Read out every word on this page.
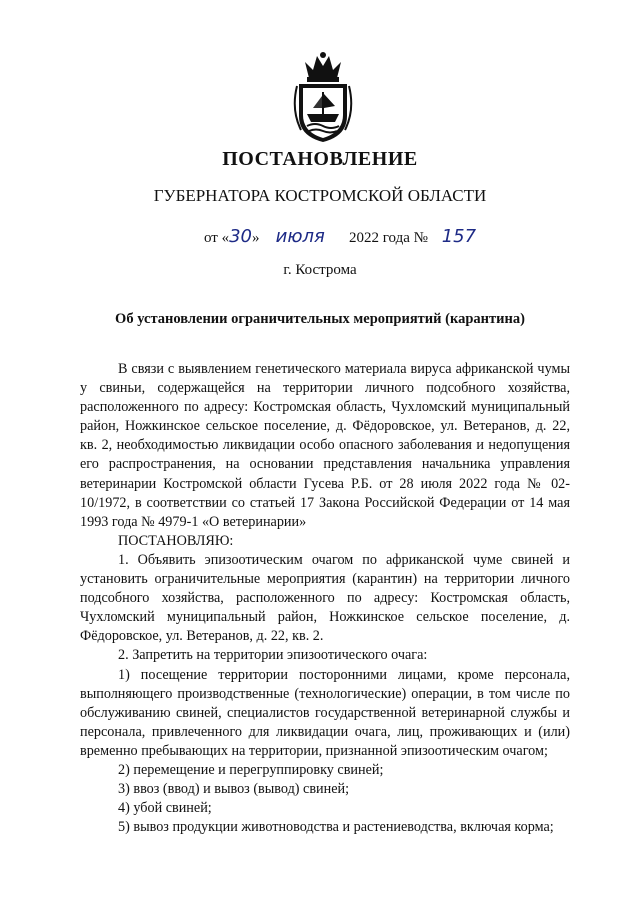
ПОСТАНОВЛЕНИЕ
ГУБЕРНАТОРА КОСТРОМСКОЙ ОБЛАСТИ
от «30» июля 2022 года № 157
г. Кострома
Об установлении ограничительных мероприятий (карантина)

В связи с выявлением генетического материала вируса африканской чумы у свиньи, содержащейся на территории личного подсобного хозяйства, расположенного по адресу: Костромская область, Чухломский муниципальный район, Ножкинское сельское поселение, д. Фёдоровское, ул. Ветеранов, д. 22, кв. 2, необходимостью ликвидации особо опасного заболевания и недопущения его распространения, на основании представления начальника управления ветеринарии Костромской области Гусева Р.Б. от 28 июля 2022 года № 02-10/1972, в соответствии со статьей 17 Закона Российской Федерации от 14 мая 1993 года № 4979-1 «О ветеринарии»

ПОСТАНОВЛЯЮ:

1. Объявить эпизоотическим очагом по африканской чуме свиней и установить ограничительные мероприятия (карантин) на территории личного подсобного хозяйства, расположенного по адресу: Костромская область, Чухломский муниципальный район, Ножкинское сельское поселение, д. Фёдоровское, ул. Ветеранов, д. 22, кв. 2.

2. Запретить на территории эпизоотического очага:

1) посещение территории посторонними лицами, кроме персонала, выполняющего производственные (технологические) операции, в том числе по обслуживанию свиней, специалистов государственной ветеринарной службы и персонала, привлеченного для ликвидации очага, лиц, проживающих и (или) временно пребывающих на территории, признанной эпизоотическим очагом;

2) перемещение и перегруппировку свиней;

3) ввоз (ввод) и вывоз (вывод) свиней;

4) убой свиней;

5) вывоз продукции животноводства и растениеводства, включая корма;
